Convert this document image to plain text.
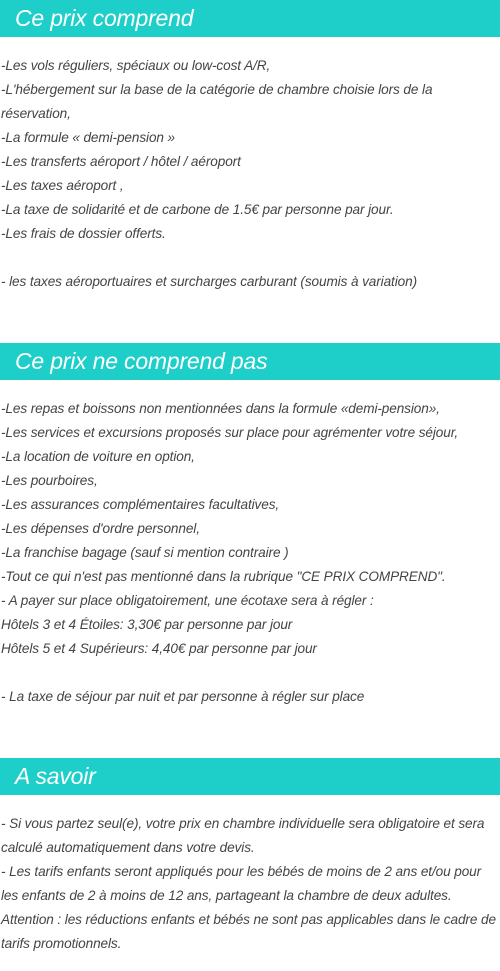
Ce prix comprend
-Les vols réguliers, spéciaux ou low-cost A/R,
-L'hébergement sur la base de la catégorie de chambre choisie lors de la réservation,
-La formule « demi-pension »
-Les transferts aéroport / hôtel / aéroport
-Les taxes aéroport ,
-La taxe de solidarité et de carbone de 1.5€ par personne par jour.
-Les frais de dossier offerts.
- les taxes aéroportuaires et surcharges carburant (soumis à variation)
Ce prix ne comprend pas
-Les repas et boissons non mentionnées dans la formule «demi-pension»,
-Les services et excursions proposés sur place pour agrémenter votre séjour,
-La location de voiture en option,
-Les pourboires,
-Les assurances complémentaires facultatives,
-Les dépenses d'ordre personnel,
-La franchise bagage (sauf si mention contraire )
-Tout ce qui n'est pas mentionné dans la rubrique "CE PRIX COMPREND".
- A payer sur place obligatoirement, une écotaxe sera à régler :
Hôtels 3 et 4 Étoiles: 3,30€ par personne par jour
Hôtels 5 et 4 Supérieurs: 4,40€ par personne par jour
- La taxe de séjour par nuit et par personne à régler sur place
A savoir
- Si vous partez seul(e), votre prix en chambre individuelle sera obligatoire et sera calculé automatiquement dans votre devis.
- Les tarifs enfants seront appliqués pour les bébés de moins de 2 ans et/ou pour les enfants de 2 à moins de 12 ans, partageant la chambre de deux adultes.
Attention : les réductions enfants et bébés ne sont pas applicables dans le cadre de tarifs promotionnels.
